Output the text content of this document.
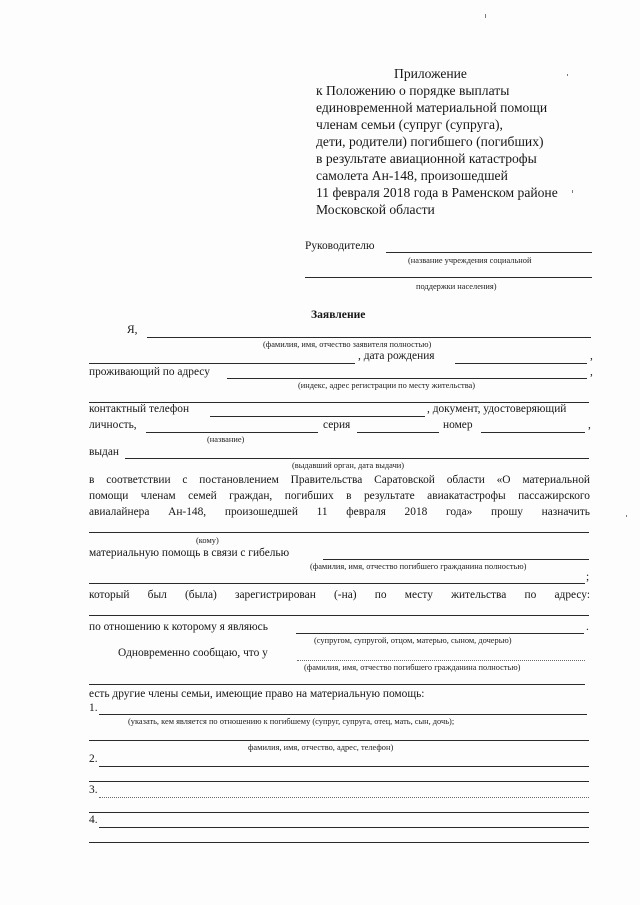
Приложение
к Положению о порядке выплаты
единовременной материальной помощи
членам семьи (супруг (супруга),
дети, родители) погибшего (погибших)
в результате авиационной катастрофы
самолета Ан-148, произошедшей
11 февраля 2018 года в Раменском районе
Московской области
Руководителю
(название учреждения социальной
поддержки населения)
Заявление
Я,
(фамилия, имя, отчество заявителя полностью)
, дата рождения	,
проживающий по адресу	,
(индекс, адрес регистрации по месту жительства)
контактный телефон	, документ, удостоверяющий
личность,	серия	номер	,
(название)
выдан
(выдавший орган, дата выдачи)
в соответствии с постановлением Правительства Саратовской области «О материальной
помощи членам семей граждан, погибших в результате авиакатастрофы пассажирского
авиалайнера Ан-148, произошедшей 11 февраля 2018 года» прошу назначить
(кому)
материальную помощь в связи с гибелью
(фамилия, имя, отчество погибшего гражданина полностью)
;
который был (была) зарегистрирован (-на) по месту жительства по адресу:
по отношению к которому я являюсь	.
(супругом, супругой, отцом, матерью, сыном, дочерью)
Одновременно сообщаю, что у
(фамилия, имя, отчество погибшего гражданина полностью)
есть другие члены семьи, имеющие право на материальную помощь:
1.
(указать, кем является по отношению к погибшему (супруг, супруга, отец, мать, сын, дочь);
фамилия, имя, отчество, адрес, телефон)
2.
3.
4.
